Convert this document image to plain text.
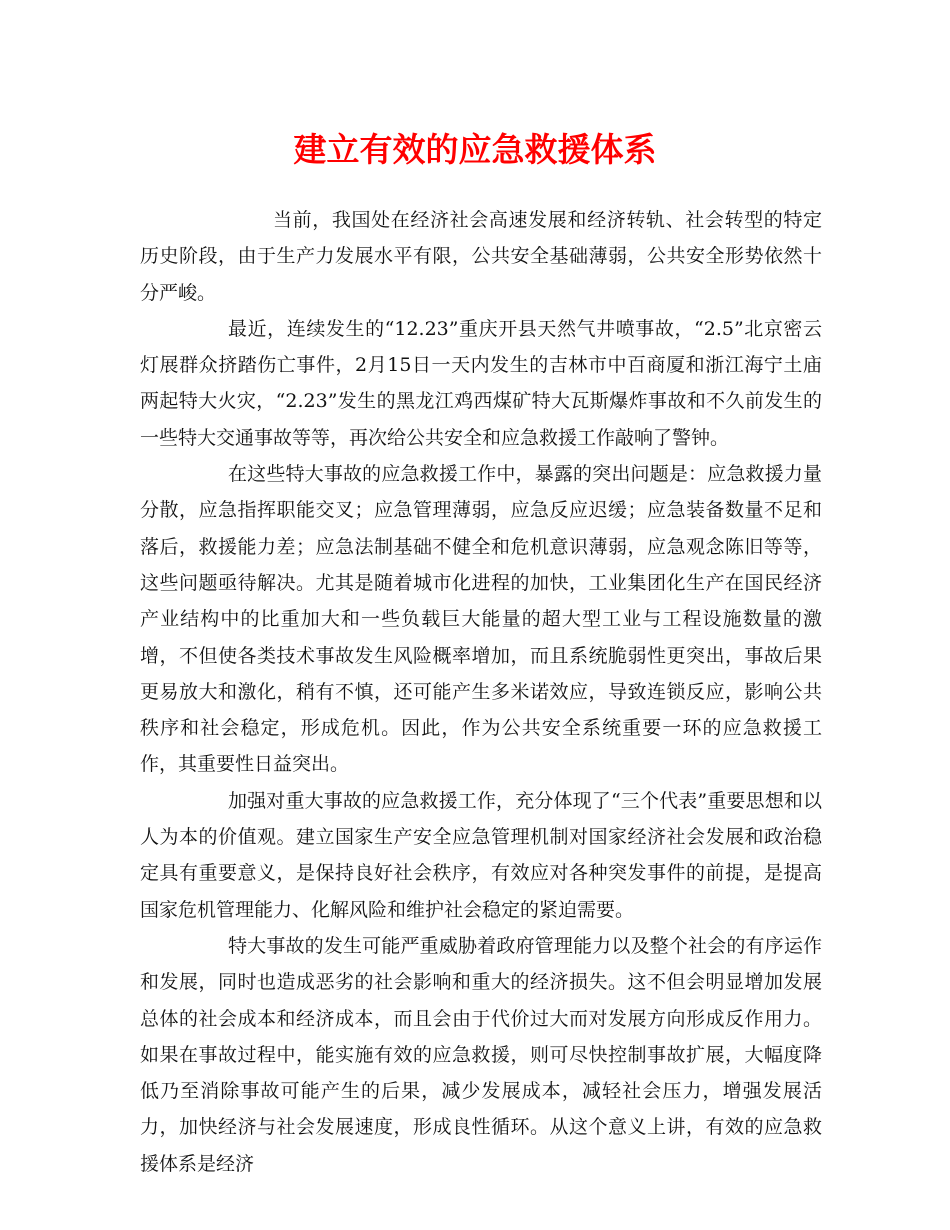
建立有效的应急救援体系

当前，我国处在经济社会高速发展和经济转轨、社会转型的特定历史阶段，由于生产力发展水平有限，公共安全基础薄弱，公共安全形势依然十分严峻。

最近，连续发生的“12.23”重庆开县天然气井喷事故，“2.5”北京密云灯展群众挤踏伤亡事件，2月15日一天内发生的吉林市中百商厦和浙江海宁土庙两起特大火灾，“2.23”发生的黑龙江鸡西煤矿特大瓦斯爆炸事故和不久前发生的一些特大交通事故等等，再次给公共安全和应急救援工作敲响了警钟。

在这些特大事故的应急救援工作中，暴露的突出问题是：应急救援力量分散，应急指挥职能交叉；应急管理薄弱，应急反应迟缓；应急装备数量不足和落后，救援能力差；应急法制基础不健全和危机意识薄弱，应急观念陈旧等等，这些问题亟待解决。尤其是随着城市化进程的加快，工业集团化生产在国民经济产业结构中的比重加大和一些负载巨大能量的超大型工业与工程设施数量的激增，不但使各类技术事故发生风险概率增加，而且系统脆弱性更突出，事故后果更易放大和激化，稍有不慎，还可能产生多米诺效应，导致连锁反应，影响公共秩序和社会稳定，形成危机。因此，作为公共安全系统重要一环的应急救援工作，其重要性日益突出。

加强对重大事故的应急救援工作，充分体现了“三个代表”重要思想和以人为本的价值观。建立国家生产安全应急管理机制对国家经济社会发展和政治稳定具有重要意义，是保持良好社会秩序，有效应对各种突发事件的前提，是提高国家危机管理能力、化解风险和维护社会稳定的紧迫需要。

特大事故的发生可能严重威胁着政府管理能力以及整个社会的有序运作和发展，同时也造成恶劣的社会影响和重大的经济损失。这不但会明显增加发展总体的社会成本和经济成本，而且会由于代价过大而对发展方向形成反作用力。如果在事故过程中，能实施有效的应急救援，则可尽快控制事故扩展，大幅度降低乃至消除事故可能产生的后果，减少发展成本，减轻社会压力，增强发展活力，加快经济与社会发展速度，形成良性循环。从这个意义上讲，有效的应急救援体系是经济
